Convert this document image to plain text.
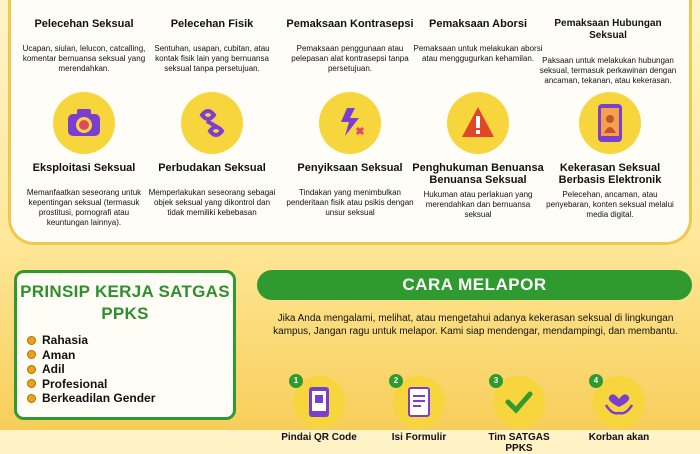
Pelecehan Seksual
Ucapan, siulan, lelucon, catcalling, komentar bernuansa seksual yang merendahkan.
Pelecehan Fisik
Sentuhan, usapan, cubitan, atau kontak fisik lain yang bernuansa seksual tanpa persetujuan.
Pemaksaan Kontrasepsi
Pemaksaan penggunaan atau pelepasan alat kontrasepsi tanpa persetujuan.
Pemaksaan Aborsi
Pemaksaan untuk melakukan aborsi atau menggugurkan kehamilan.
Pemaksaan Hubungan Seksual
Paksaan untuk melakukan hubungan seksual, termasuk perkawinan dengan ancaman, tekanan, atau kekerasan.
Eksploitasi Seksual
Memanfaatkan seseorang untuk kepentingan seksual (termasuk prostitusi, pornografi atau keuntungan lainnya).
Perbudakan Seksual
Memperlakukan seseorang sebagai objek seksual yang dikontrol dan tidak memiliki kebebasan
Penyiksaan Seksual
Tindakan yang menimbulkan penderitaan fisik atau psikis dengan unsur seksual
Penghukuman Benuansa Benuansa Seksual
Hukuman atau perlakuan yang merendahkan dan bernuansa seksual
Kekerasan Seksual Berbasis Elektronik
Pelecehan, ancaman, atau penyebaran, konten seksual melalui media digital.
PRINSIP KERJA SATGAS PPKS
Rahasia
Aman
Adil
Profesional
Berkeadilan Gender
CARA MELAPOR
Jika Anda mengalami, melihat, atau mengetahui adanya kekerasan seksual di lingkungan kampus, Jangan ragu untuk melapor. Kami siap mendengar, mendampingi, dan membantu.
1
Pindai QR Code
2
Isi Formulir
3
Tim SATGAS PPKS
4
Korban akan
